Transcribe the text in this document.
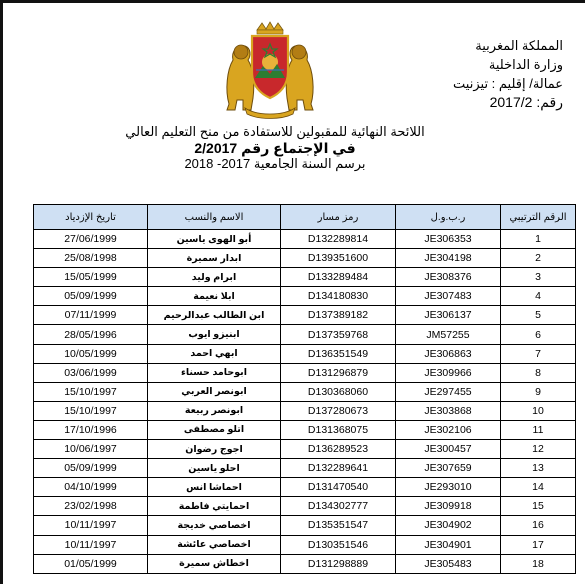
المملكة المغربية
وزارة الداخلية
عمالة/ إقليم : تيزنيت
رقم: 2017/2
اللائحة النهائية للمقبولين للاستفادة من منح التعليم العالي
في الإجتماع رقم 2/2017
برسم السنة الجامعية 2017- 2018
تاريخ الإزدياد	الاسم والنسب	رمز مسار	ر.ب.و.ل	الرقم الترتيبي
27/06/1999	أبو الهوى ياسين	D132289814	JE306353	1
25/08/1998	ابدار سميرة	D139351600	JE304198	2
15/05/1999	ابرام وليد	D133289484	JE308376	3
05/09/1999	ابلا نعيمة	D134180830	JE307483	4
07/11/1999	ابن الطالب عبدالرحيم	D137389182	JE306137	5
28/05/1996	ابنيزو ايوب	D137359768	JM57255	6
10/05/1999	ابهي احمد	D136351549	JE306863	7
03/06/1999	ابوحامد حسناء	D131296879	JE309966	8
15/10/1997	ابونصر العربي	D130368060	JE297455	9
15/10/1997	ابونصر ربيعة	D137280673	JE303868	10
17/10/1996	اتلو مصطفى	D131368075	JE302106	11
10/06/1997	اجوج رضوان	D136289523	JE300457	12
05/09/1999	احلو ياسين	D132289641	JE307659	13
04/10/1999	احماشا انس	D131470540	JE293010	14
23/02/1998	احمايتي فاطمة	D134302777	JE309918	15
10/11/1997	اخصاصي خديجة	D135351547	JE304902	16
10/11/1997	اخصاصي عائشة	D130351546	JE304901	17
01/05/1999	اخطاش سميرة	D131298889	JE305483	18
